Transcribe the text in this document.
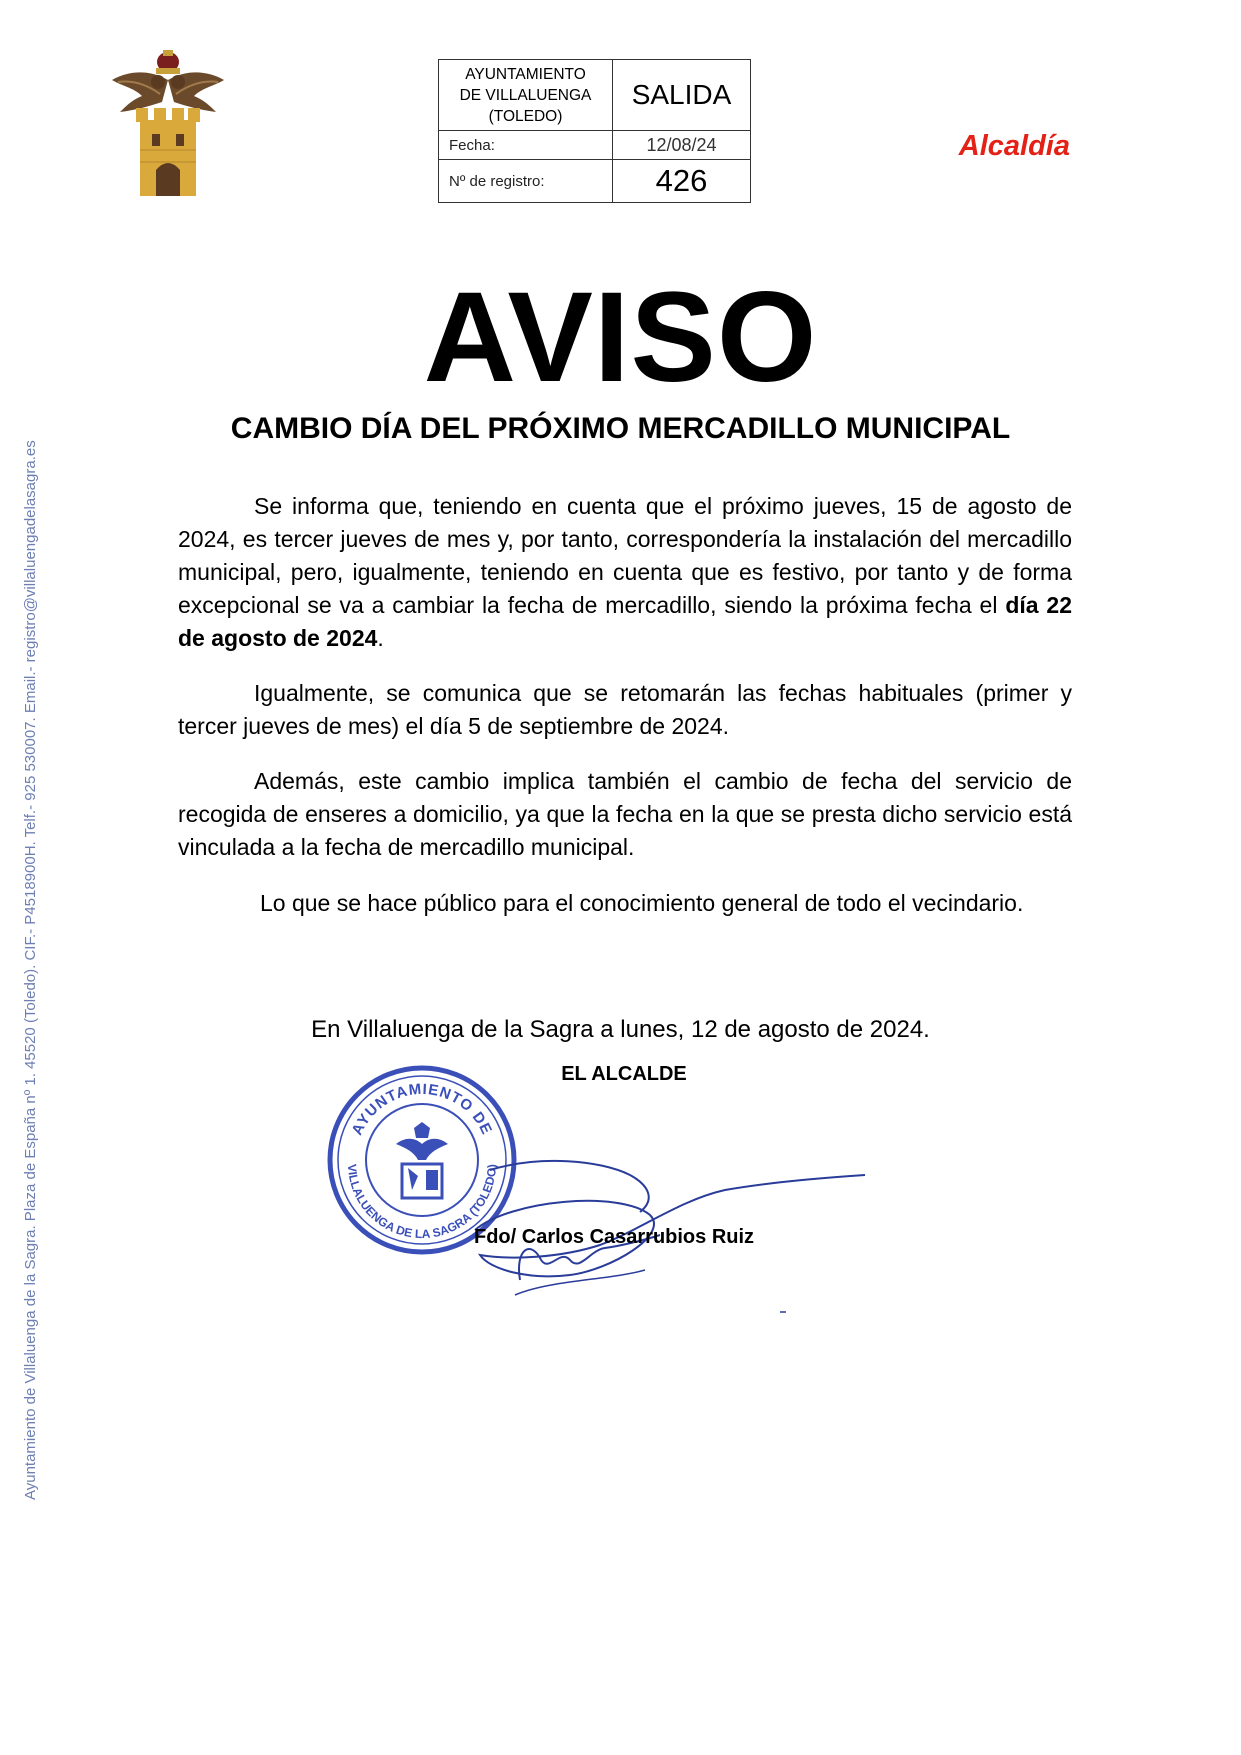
Ayuntamiento de Villaluenga de la Sagra. Plaza de España nº 1. 45520 (Toledo). CIF.- P4518900H. Telf.- 925 530007. Email.- registro@villaluengadelasagra.es
AYUNTAMIENTO
DE VILLALUENGA
(TOLEDO)	SALIDA
Fecha:	12/08/24
Nº de registro:	426
Alcaldía
AVISO
CAMBIO DÍA DEL PRÓXIMO MERCADILLO MUNICIPAL

Se informa que, teniendo en cuenta que el próximo jueves, 15 de agosto de 2024, es tercer jueves de mes y, por tanto, correspondería la instalación del mercadillo municipal, pero, igualmente, teniendo en cuenta que es festivo, por tanto y de forma excepcional se va a cambiar la fecha de mercadillo, siendo la próxima fecha el día 22 de agosto de 2024.

Igualmente, se comunica que se retomarán las fechas habituales (primer y tercer jueves de mes) el día 5 de septiembre de 2024.

Además, este cambio implica también el cambio de fecha del servicio de recogida de enseres a domicilio, ya que la fecha en la que se presta dicho servicio está vinculada a la fecha de mercadillo municipal.

Lo que se hace público para el conocimiento general de todo el vecindario.

En Villaluenga de la Sagra a lunes, 12 de agosto de 2024.
EL ALCALDE
AYUNTAMIENTO DE
VILLALUENGA DE LA SAGRA (TOLEDO)
Fdo/ Carlos Casarrubios Ruiz
